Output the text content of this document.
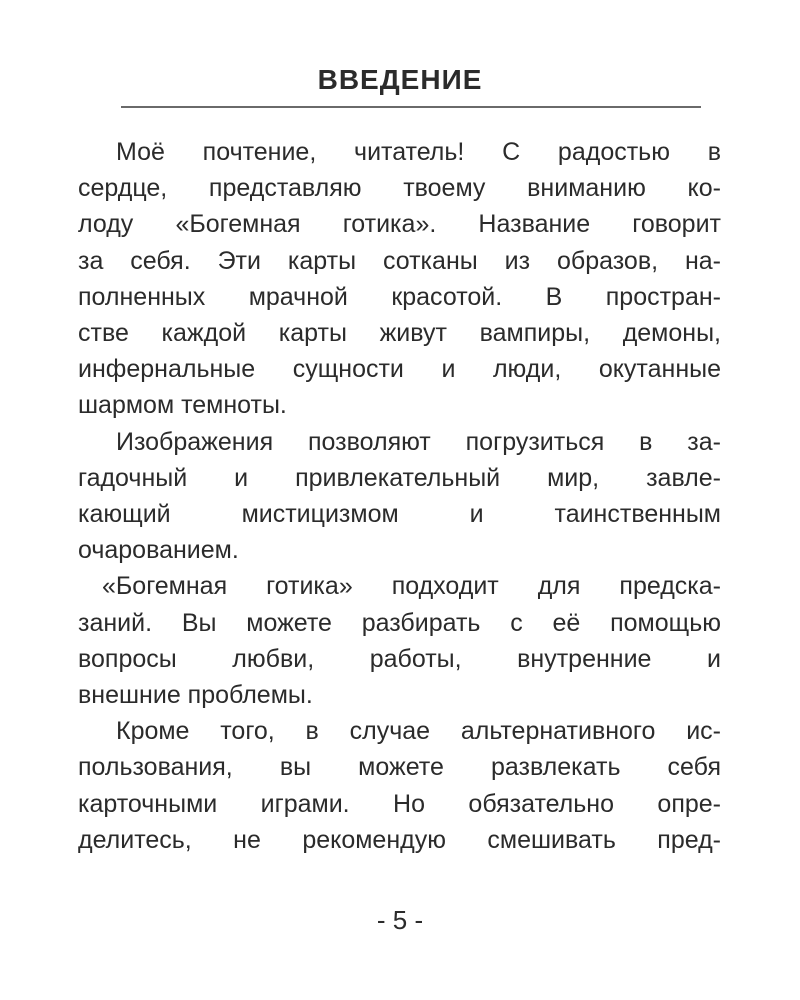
ВВЕДЕНИЕ

Моё почтение, читатель! С радостью в
сердце, представляю твоему вниманию ко-
лоду «Богемная готика». Название говорит
за себя. Эти карты сотканы из образов, на-
полненных мрачной красотой. В простран-
стве каждой карты живут вампиры, демоны,
инфернальные сущности и люди, окутанные
шармом темноты.

Изображения позволяют погрузиться в за-
гадочный и привлекательный мир, завле-
кающий мистицизмом и таинственным
очарованием.

«Богемная готика» подходит для предска-
заний. Вы можете разбирать с её помощью
вопросы любви, работы, внутренние и
внешние проблемы.

Кроме того, в случае альтернативного ис-
пользования, вы можете развлекать себя
карточными играми. Но обязательно опре-
делитесь, не рекомендую смешивать пред-

- 5 -
